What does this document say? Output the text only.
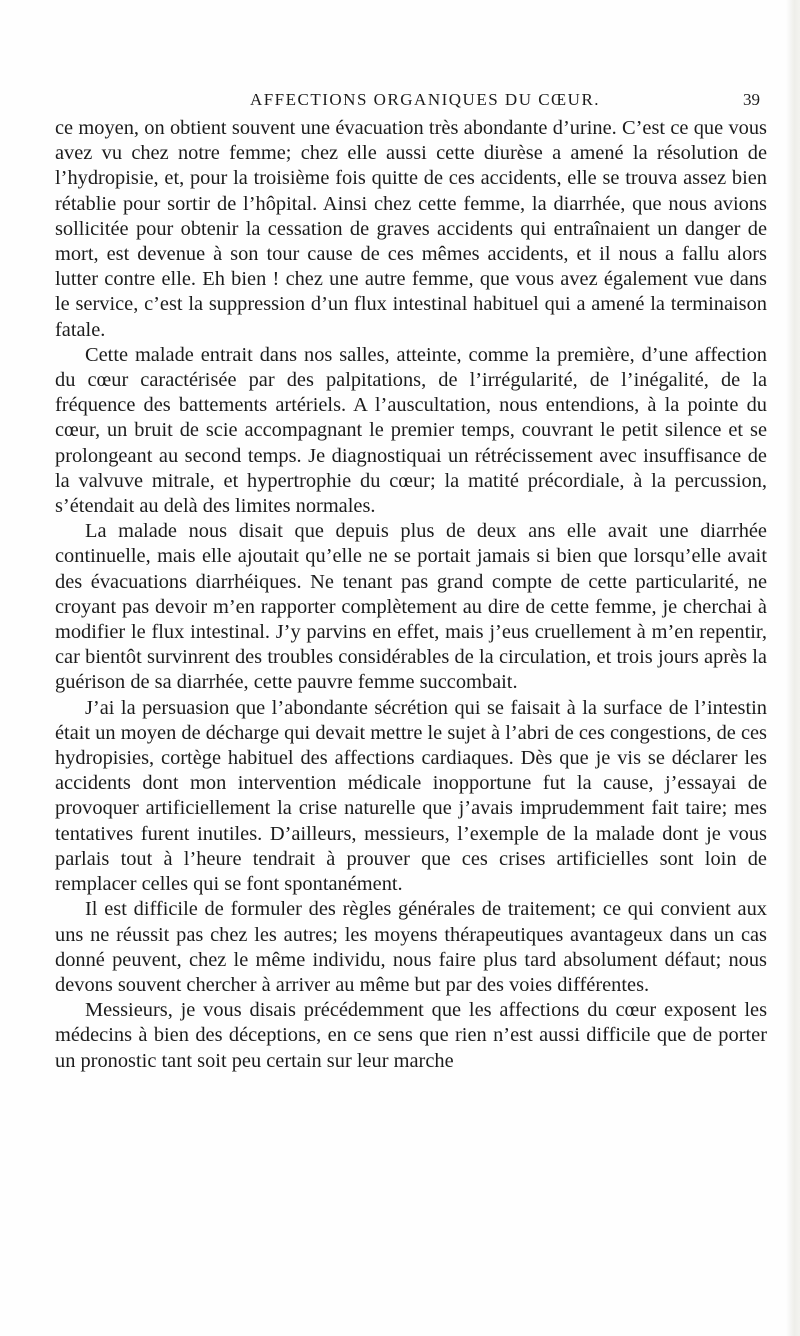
AFFECTIONS ORGANIQUES DU CŒUR.	39

ce moyen, on obtient souvent une évacuation très abondante d’urine. C’est ce que vous avez vu chez notre femme; chez elle aussi cette diurèse a amené la résolution de l’hydropisie, et, pour la troisième fois quitte de ces accidents, elle se trouva assez bien rétablie pour sortir de l’hôpital. Ainsi chez cette femme, la diarrhée, que nous avions sollicitée pour obtenir la cessation de graves accidents qui entraînaient un danger de mort, est devenue à son tour cause de ces mêmes accidents, et il nous a fallu alors lutter contre elle. Eh bien ! chez une autre femme, que vous avez également vue dans le service, c’est la suppression d’un flux intestinal habituel qui a amené la terminaison fatale.

Cette malade entrait dans nos salles, atteinte, comme la première, d’une affection du cœur caractérisée par des palpitations, de l’irrégularité, de l’inégalité, de la fréquence des battements artériels. A l’auscultation, nous entendions, à la pointe du cœur, un bruit de scie accompagnant le premier temps, couvrant le petit silence et se prolongeant au second temps. Je diagnostiquai un rétrécissement avec insuffisance de la valvuve mitrale, et hypertrophie du cœur; la matité précordiale, à la percussion, s’étendait au delà des limites normales.

La malade nous disait que depuis plus de deux ans elle avait une diarrhée continuelle, mais elle ajoutait qu’elle ne se portait jamais si bien que lorsqu’elle avait des évacuations diarrhéiques. Ne tenant pas grand compte de cette particularité, ne croyant pas devoir m’en rapporter complètement au dire de cette femme, je cherchai à modifier le flux intestinal. J’y parvins en effet, mais j’eus cruellement à m’en repentir, car bientôt survinrent des troubles considérables de la circulation, et trois jours après la guérison de sa diarrhée, cette pauvre femme succombait.

J’ai la persuasion que l’abondante sécrétion qui se faisait à la surface de l’intestin était un moyen de décharge qui devait mettre le sujet à l’abri de ces congestions, de ces hydropisies, cortège habituel des affections cardiaques. Dès que je vis se déclarer les accidents dont mon intervention médicale inopportune fut la cause, j’essayai de provoquer artificiellement la crise naturelle que j’avais imprudemment fait taire; mes tentatives furent inutiles. D’ailleurs, messieurs, l’exemple de la malade dont je vous parlais tout à l’heure tendrait à prouver que ces crises artificielles sont loin de remplacer celles qui se font spontanément.

Il est difficile de formuler des règles générales de traitement; ce qui convient aux uns ne réussit pas chez les autres; les moyens thérapeutiques avantageux dans un cas donné peuvent, chez le même individu, nous faire plus tard absolument défaut; nous devons souvent chercher à arriver au même but par des voies différentes.

Messieurs, je vous disais précédemment que les affections du cœur exposent les médecins à bien des déceptions, en ce sens que rien n’est aussi difficile que de porter un pronostic tant soit peu certain sur leur marche
